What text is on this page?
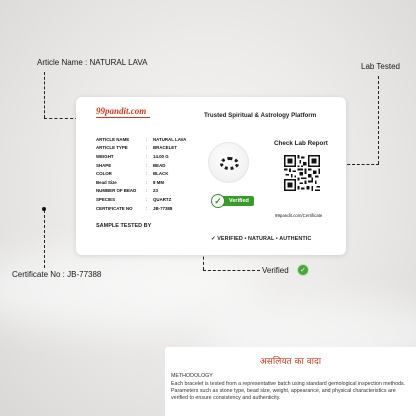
Article Name : NATURAL LAVA	Lab Tested
Certificate No : JB-77388	Verified	✓
99pandit.com	Trusted Spiritual & Astrology Platform
ARTICLE NAME	:	NATURAL LAVA
ARTICLE TYPE	:	BRACELET
WEIGHT	:	14.00 G
SHAPE	:	BEAD
COLOR	:	BLACK
Bead Size	:	8 MM
NUMBER OF BEAD	:	23
SPECIES	:	QUARTZ
CERTIFICATE NO	:	JB-77388
SAMPLE TESTED BY
✓	Verified
Check Lab Report
99pandit.com/Certificate
✓ VERIFIED • NATURAL • AUTHENTIC
असलियत का वादा
METHODOLOGY
Each bracelet is tested from a representative batch using standard gemological inspection methods. Parameters such as stone type, bead size, weight, appearance, and physical characteristics are verified to ensure consistency and authenticity.
